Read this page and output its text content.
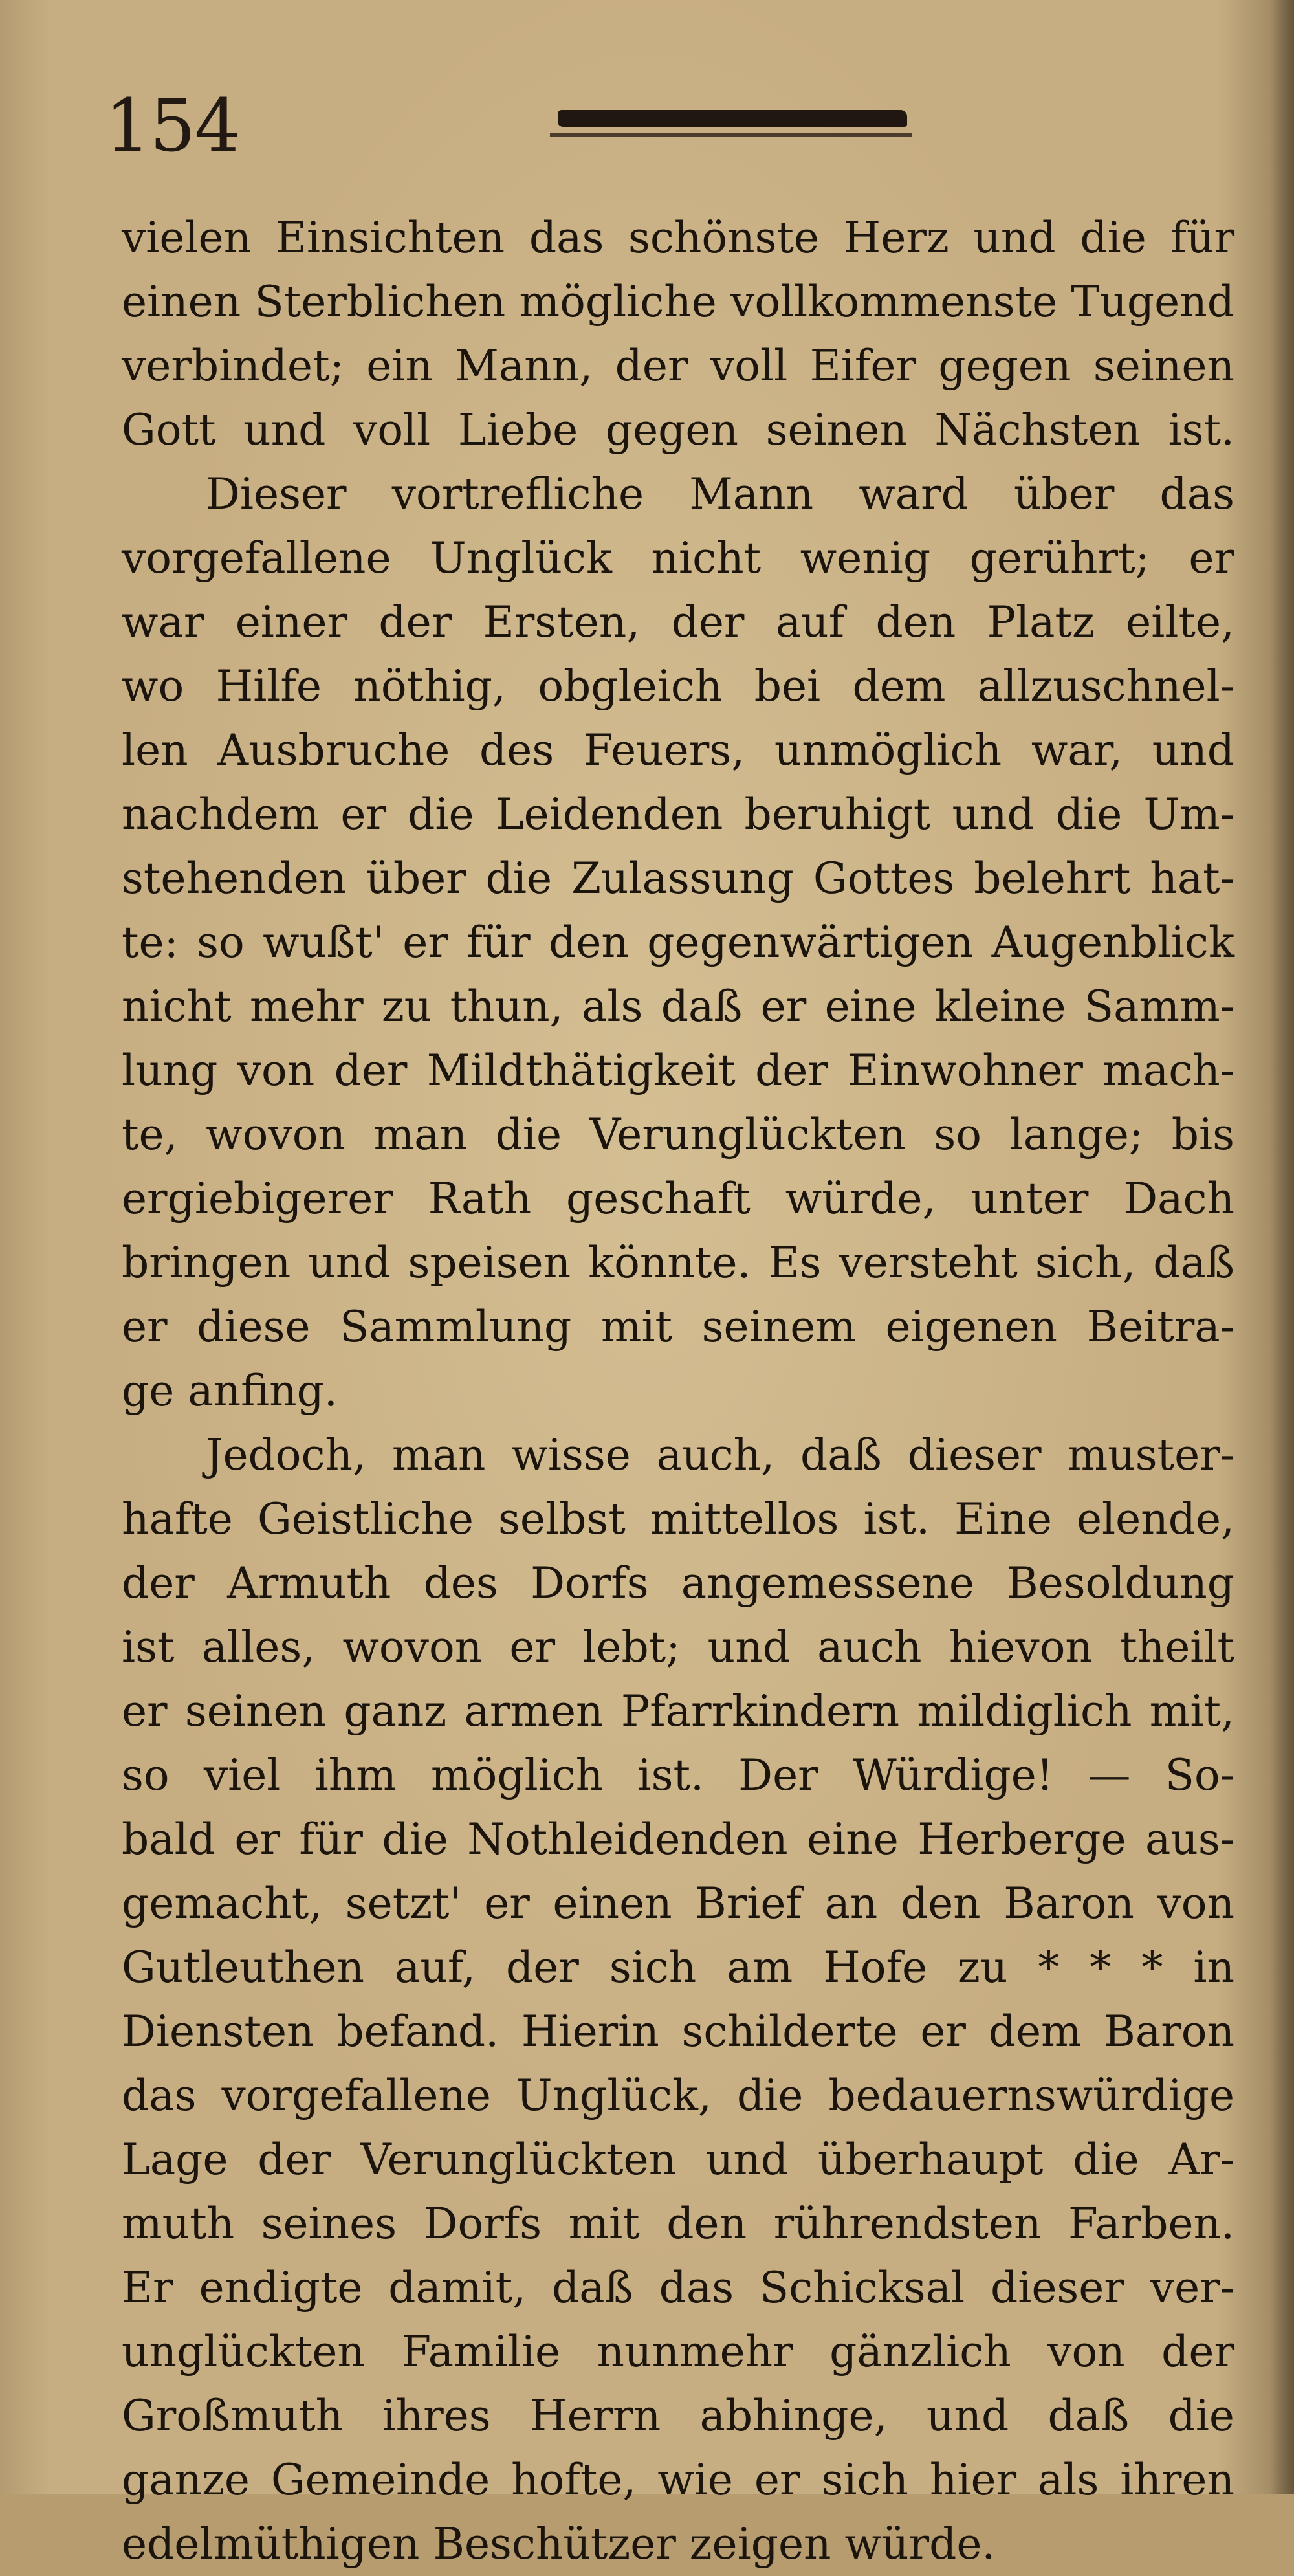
154
vielen Einsichten das schönste Herz und die für
einen Sterblichen mögliche vollkommenste Tugend
verbindet; ein Mann, der voll Eifer gegen seinen
Gott und voll Liebe gegen seinen Nächsten ist.
Dieser vortrefliche Mann ward über das
vorgefallene Unglück nicht wenig gerührt; er
war einer der Ersten, der auf den Platz eilte,
wo Hilfe nöthig, obgleich bei dem allzuschnel-
len Ausbruche des Feuers, unmöglich war, und
nachdem er die Leidenden beruhigt und die Um-
stehenden über die Zulassung Gottes belehrt hat-
te: so wußt' er für den gegenwärtigen Augenblick
nicht mehr zu thun, als daß er eine kleine Samm-
lung von der Mildthätigkeit der Einwohner mach-
te, wovon man die Verunglückten so lange; bis
ergiebigerer Rath geschaft würde, unter Dach
bringen und speisen könnte. Es versteht sich, daß
er diese Sammlung mit seinem eigenen Beitra-
ge anfing.
Jedoch, man wisse auch, daß dieser muster-
hafte Geistliche selbst mittellos ist. Eine elende,
der Armuth des Dorfs angemessene Besoldung
ist alles, wovon er lebt; und auch hievon theilt
er seinen ganz armen Pfarrkindern mildiglich mit,
so viel ihm möglich ist. Der Würdige! — So-
bald er für die Nothleidenden eine Herberge aus-
gemacht, setzt' er einen Brief an den Baron von
Gutleuthen auf, der sich am Hofe zu * * * in
Diensten befand. Hierin schilderte er dem Baron
das vorgefallene Unglück, die bedauernswürdige
Lage der Verunglückten und überhaupt die Ar-
muth seines Dorfs mit den rührendsten Farben.
Er endigte damit, daß das Schicksal dieser ver-
unglückten Familie nunmehr gänzlich von der
Großmuth ihres Herrn abhinge, und daß die
ganze Gemeinde hofte, wie er sich hier als ihren
edelmüthigen Beschützer zeigen würde.
